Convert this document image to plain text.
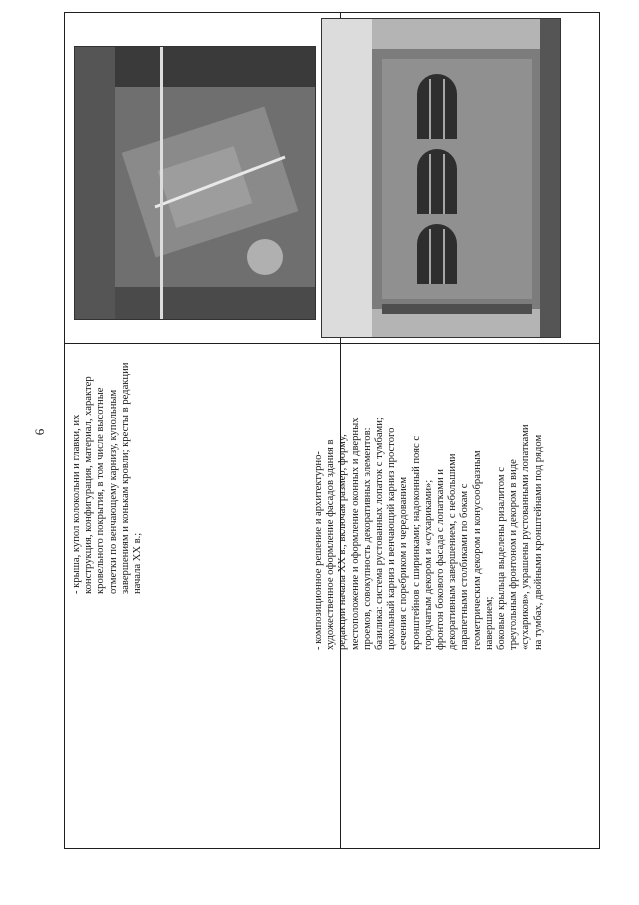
6 - крыша, купол колокольни и главки, их конструкция, конфигурация, материал, характер кровельного покрытия, в том числе высотные отметки по венчающему карнизу, купольным завершениям и конькам кровли; кресты в редакции начала XX в.;	- композиционное решение и архитектурно- художественное оформление фасадов здания в редакции начала XX в., включая размер, форму, местоположение и оформление оконных и дверных проемов, совокупность декоративных элементов: базилика: система рустованных лопаток с тумбами; цокольный карниз и венчающий карниз простого сечения с поребриком и чередованием кронштейнов с ширинками; надоконный пояс с городчатым декором и «сухариками»; фронтон бокового фасада с лопатками и декоративным завершением, с небольшими парапетными столбиками по бокам с геометрическим декором и конусообразным навершием; боковые крыльца выделены ризалитом с треугольным фронтоном и декором в виде «сухариков», украшены рустованными лопатками на тумбах, двойными кронштейнами под рядом
